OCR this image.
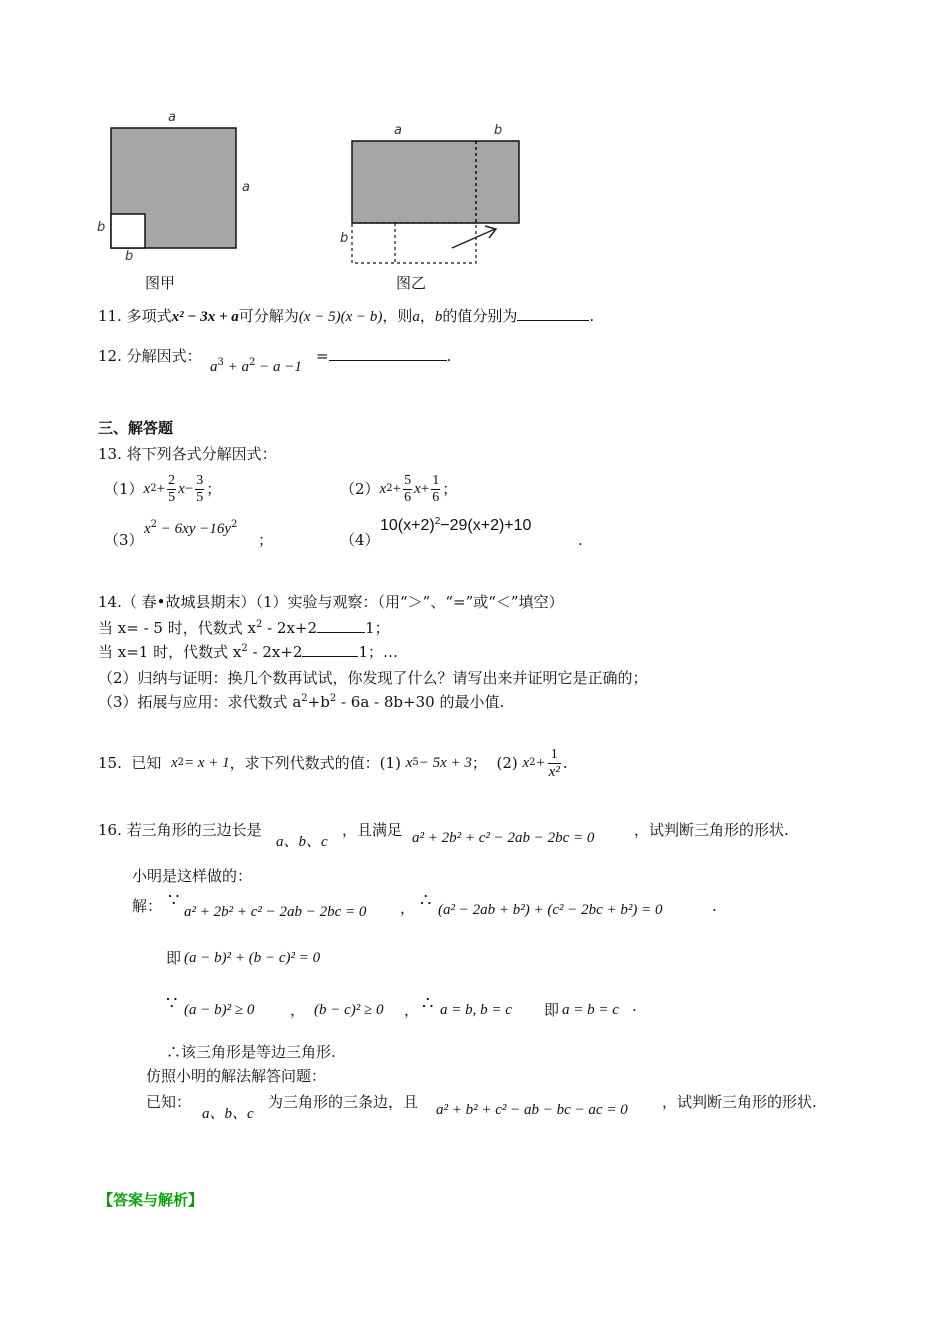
a
a
b
b
图甲
a	b
b
图乙
11. 多项式x² − 3x + a可分解为(x − 5)(x − b)，则a，b的值分别为	.
12. 分解因式：
$a^3 + a^2 - a -1$
=	.
三、解答题
13. 将下列各式分解因式：
（1） x $2 + \frac{2}{5}$ $x - \frac{3}{5}$ ；	（2） x $2 + \frac{5}{6}$ $x + \frac{1}{6}$ ；
（3）
$x^2 - 6xy -16y^2$
；	（4）
$10(x+2)^2-29(x+2)+10$
.
14.（ 春•故城县期末）（1）实验与观察：（用“＞”、“=”或“＜”填空）
当 x= - 5 时，代数式 $x^2 - 2x+2$	1；
当 x=1 时，代数式 $x^2 - 2x+2$	1；…
（2）归纳与证明：换几个数再试试，你发现了什么？请写出来并证明它是正确的；
（3）拓展与应用：求代数式 $a^2+b^2 - 6a - 8b+30$ 的最小值.
15.
已知
x 2 = x + 1 ，求下列代数式的值：(1)
x 5 − 5x + 3 ；
(2)
x $2 + \frac{1}{\text{x²}}$ .
16. 若三角形的三边长是
a、b、c
，且满足 a² + 2b² + c² − 2ab − 2bc = 0	，试判断三角形的形状.
小明是这样做的：
解： ∵
a² + 2b² + c² − 2ab − 2bc = 0 ， ∴ (a² − 2ab + b²) + (c² − 2bc + b²) = 0	·
即 (a − b)² + (b − c)² = 0
∵ (a − b)² ≥ 0 ， (b − c)² ≥ 0 ， ∴ a = b, b = c 即 a = b = c ·
∴该三角形是等边三角形.
仿照小明的解法解答问题：
已知：
a、b、c
为三角形的三条边，且 a² + b² + c² − ab − bc − ac = 0 ，试判断三角形的形状.
【答案与解析】
